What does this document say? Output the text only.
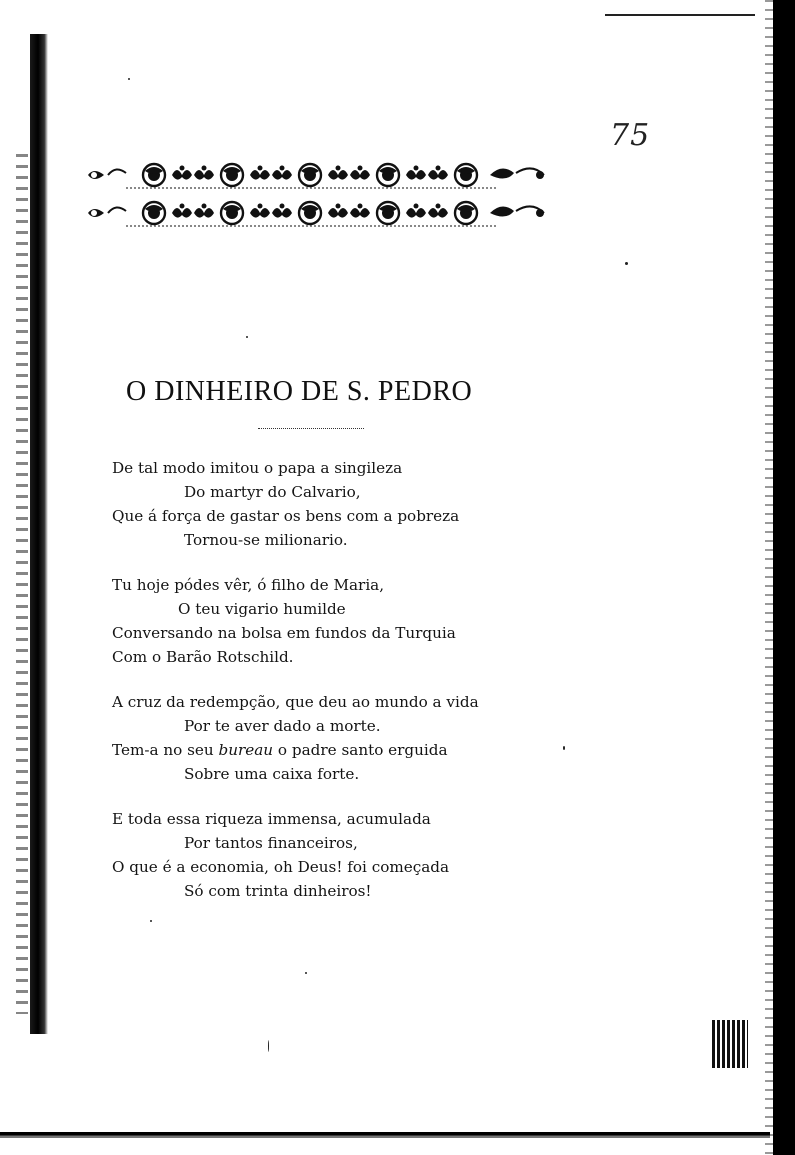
75
O DINHEIRO DE S. PEDRO
De tal modo imitou o papa a singileza
Do martyr do Calvario,
Que á força de gastar os bens com a pobreza
Tornou-se milionario.
Tu hoje pódes vêr, ó filho de Maria,
O teu vigario humilde
Conversando na bolsa em fundos da Turquia
Com o Barão Rotschild.
A cruz da redempção, que deu ao mundo a vida
Por te aver dado a morte.
Tem-a no seu bureau o padre santo erguida
Sobre uma caixa forte.
E toda essa riqueza immensa, acumulada
Por tantos financeiros,
O que é a economia, oh Deus! foi começada
Só com trinta dinheiros!
